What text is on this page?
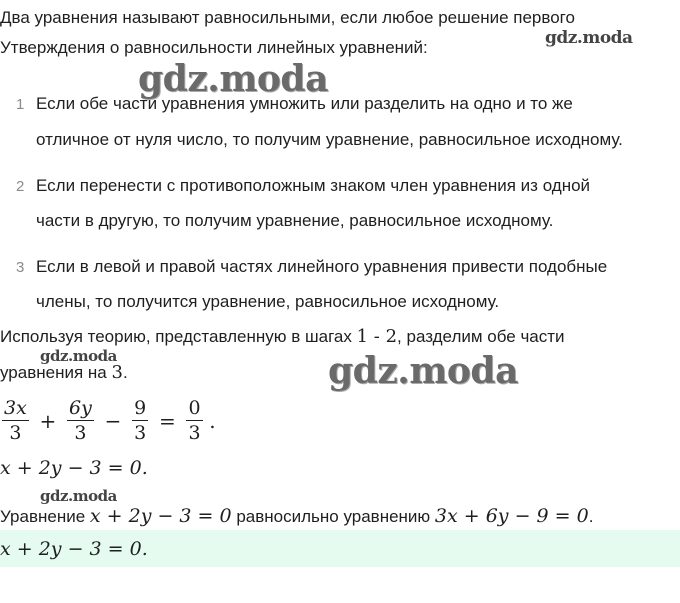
Два уравнения называют равносильными, если любое решение первого
Утверждения о равносильности линейных уравнений:	gdz.moda
gdz.moda
gdz.moda	gdz.moda
gdz.moda
1 Если обе части уравнения умножить или разделить на одно и то же
отличное от нуля число, то получим уравнение, равносильное исходному.
2 Если перенести с противоположным знаком член уравнения из одной
части в другую, то получим уравнение, равносильное исходному.
3 Если в левой и правой частях линейного уравнения привести подобные
члены, то получится уравнение, равносильное исходному.
Используя теорию, представленную в шагах 1 - 2, разделим обе части
уравнения на 3.
$\frac{3x}{3} + \frac{6y}{3} - \frac{9}{3} = \frac{0}{3}$ .
x + 2y − 3 = 0.
Уравнение x + 2y − 3 = 0 равносильно уравнению 3x + 6y − 9 = 0.
x + 2y − 3 = 0.
